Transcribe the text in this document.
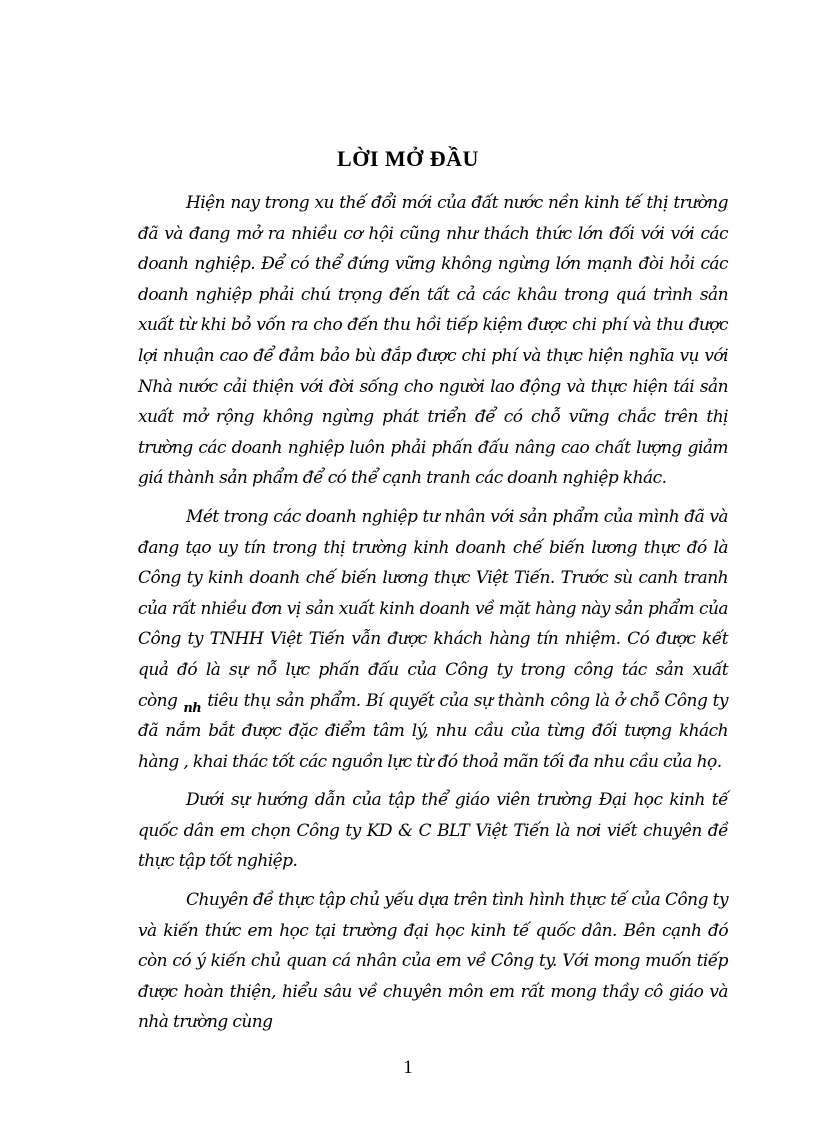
LỜI MỞ ĐẦU

Hiện nay trong xu thế đổi mới của đất nước nền kinh tế thị trường đã và đang mở ra nhiều cơ hội cũng như thách thức lớn đối với với các doanh nghiệp. Để có thể đứng vững không ngừng lớn mạnh đòi hỏi các doanh nghiệp phải chú trọng đến tất cả các khâu trong quá trình sản xuất từ khi bỏ vốn ra cho đến thu hồi tiếp kiệm được chi phí và thu được lợi nhuận cao để đảm bảo bù đắp được chi phí và thực hiện nghĩa vụ với Nhà nước cải thiện với đời sống cho người lao động và thực hiện tái sản xuất mở rộng không ngừng phát triển để có chỗ vững chắc trên thị trường các doanh nghiệp luôn phải phấn đấu nâng cao chất lượng giảm giá thành sản phẩm để có thể cạnh tranh các doanh nghiệp khác.

Mét trong các doanh nghiệp tư nhân với sản phẩm của mình đã và đang tạo uy tín trong thị trường kinh doanh chế biến lương thực đó là Công ty kinh doanh chế biến lương thực Việt Tiến. Trước sù canh tranh của rất nhiều đơn vị sản xuất kinh doanh về mặt hàng này sản phẩm của Công ty TNHH Việt Tiến vẫn được khách hàng tín nhiệm. Có được kết quả đó là sự nỗ lực phấn đấu của Công ty trong công tác sản xuất còng $_{nh}$ tiêu thụ sản phẩm. Bí quyết của sự thành công là ở chỗ Công ty đã nắm bắt được đặc điểm tâm lý, nhu cầu của từng đối tượng khách hàng , khai thác tốt các nguồn lực từ đó thoả mãn tối đa nhu cầu của họ.

Dưới sự hướng dẫn của tập thể giáo viên trường Đại học kinh tế quốc dân em chọn Công ty KD & C BLT Việt Tiến là nơi viết chuyên đề thực tập tốt nghiệp.

Chuyên đề thực tập chủ yếu dựa trên tình hình thực tế của Công ty và kiến thức em học tại trường đại học kinh tế quốc dân. Bên cạnh đó còn có ý kiến chủ quan cá nhân của em về Công ty. Với mong muốn tiếp được hoàn thiện, hiểu sâu về chuyên môn em rất mong thầy cô giáo và nhà trường cùng

1
